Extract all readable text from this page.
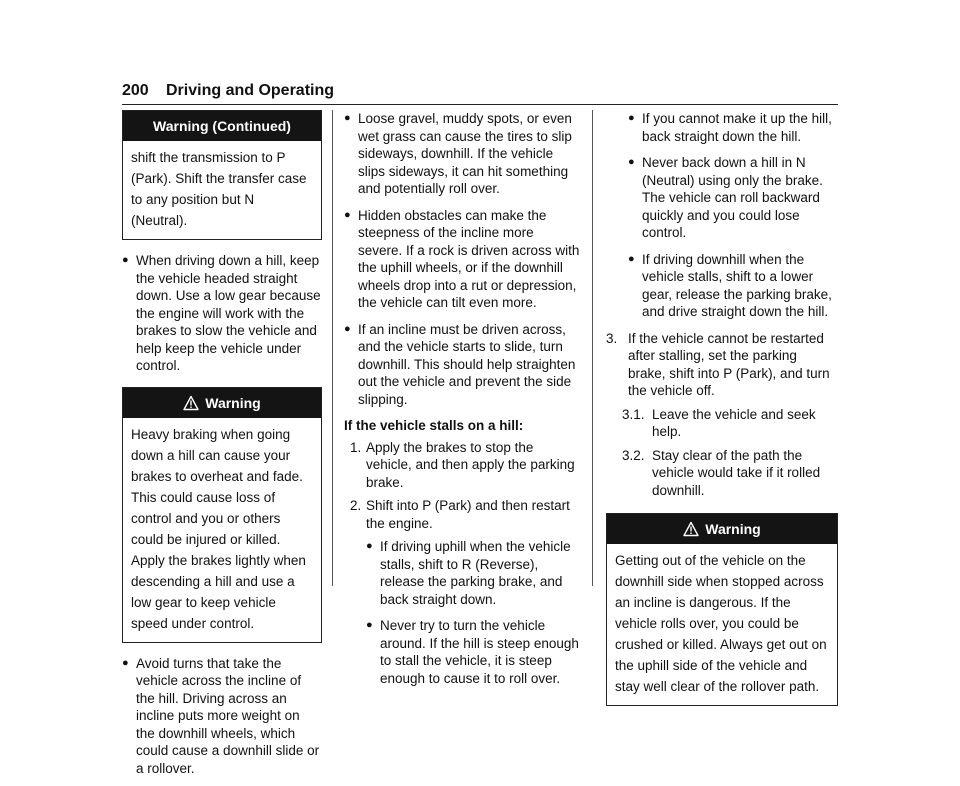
200 Driving and Operating
Warning (Continued)
shift the transmission to P (Park). Shift the transfer case to any position but N (Neutral).
● When driving down a hill, keep the vehicle headed straight down. Use a low gear because the engine will work with the brakes to slow the vehicle and help keep the vehicle under control.
Warning
Heavy braking when going down a hill can cause your brakes to overheat and fade. This could cause loss of control and you or others could be injured or killed. Apply the brakes lightly when descending a hill and use a low gear to keep vehicle speed under control.
● Avoid turns that take the vehicle across the incline of the hill. Driving across an incline puts more weight on the downhill wheels, which could cause a downhill slide or a rollover.
● Loose gravel, muddy spots, or even wet grass can cause the tires to slip sideways, downhill. If the vehicle slips sideways, it can hit something and potentially roll over.
● Hidden obstacles can make the steepness of the incline more severe. If a rock is driven across with the uphill wheels, or if the downhill wheels drop into a rut or depression, the vehicle can tilt even more.
● If an incline must be driven across, and the vehicle starts to slide, turn downhill. This should help straighten out the vehicle and prevent the side slipping.
If the vehicle stalls on a hill:
1. Apply the brakes to stop the vehicle, and then apply the parking brake.
2. Shift into P (Park) and then restart the engine.
● If driving uphill when the vehicle stalls, shift to R (Reverse), release the parking brake, and back straight down.
● Never try to turn the vehicle around. If the hill is steep enough to stall the vehicle, it is steep enough to cause it to roll over.
● If you cannot make it up the hill, back straight down the hill.
● Never back down a hill in N (Neutral) using only the brake. The vehicle can roll backward quickly and you could lose control.
● If driving downhill when the vehicle stalls, shift to a lower gear, release the parking brake, and drive straight down the hill.
3. If the vehicle cannot be restarted after stalling, set the parking brake, shift into P (Park), and turn the vehicle off.
3.1. Leave the vehicle and seek help.
3.2. Stay clear of the path the vehicle would take if it rolled downhill.
Warning
Getting out of the vehicle on the downhill side when stopped across an incline is dangerous. If the vehicle rolls over, you could be crushed or killed. Always get out on the uphill side of the vehicle and stay well clear of the rollover path.
